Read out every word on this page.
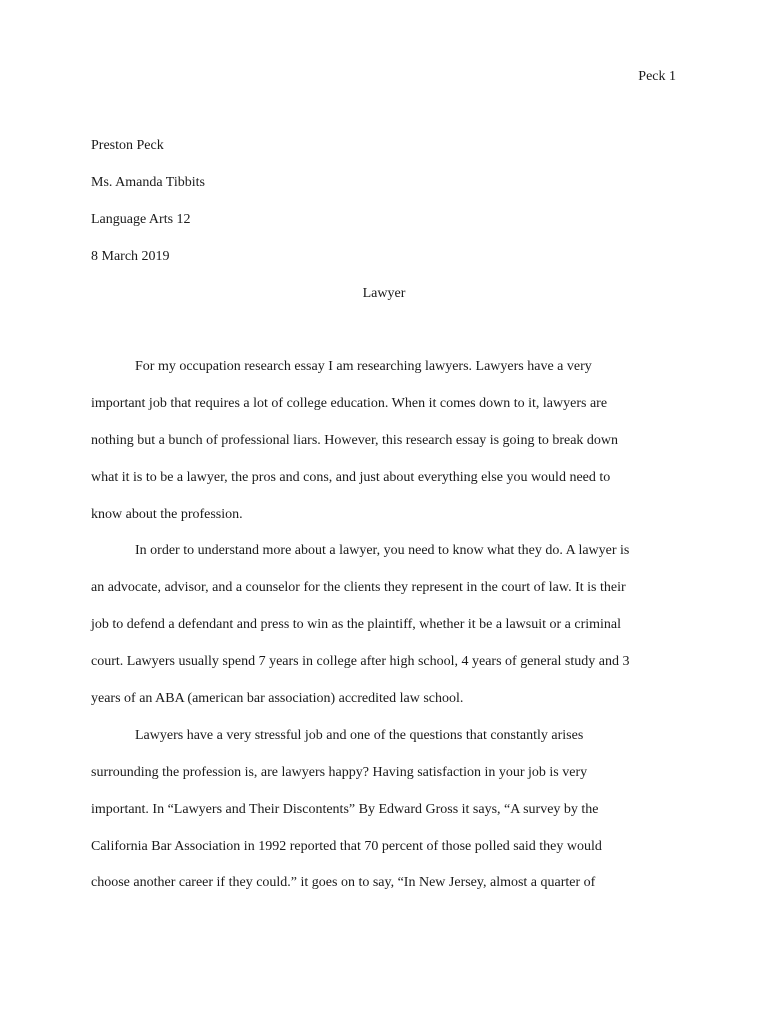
Peck 1
Preston Peck
Ms. Amanda Tibbits
Language Arts 12
8 March 2019
Lawyer
For my occupation research essay I am researching lawyers. Lawyers have a very
important job that requires a lot of college education. When it comes down to it, lawyers are
nothing but a bunch of professional liars. However, this research essay is going to break down
what it is to be a lawyer, the pros and cons, and just about everything else you would need to
know about the profession.
In order to understand more about a lawyer, you need to know what they do. A lawyer is
an advocate, advisor, and a counselor for the clients they represent in the court of law. It is their
job to defend a defendant and press to win as the plaintiff, whether it be a lawsuit or a criminal
court. Lawyers usually spend 7 years in college after high school, 4 years of general study and 3
years of an ABA (american bar association) accredited law school.
Lawyers have a very stressful job and one of the questions that constantly arises
surrounding the profession is, are lawyers happy? Having satisfaction in your job is very
important. In “Lawyers and Their Discontents” By Edward Gross it says, “A survey by the
California Bar Association in 1992 reported that 70 percent of those polled said they would
choose another career if they could.” it goes on to say, “In New Jersey, almost a quarter of
